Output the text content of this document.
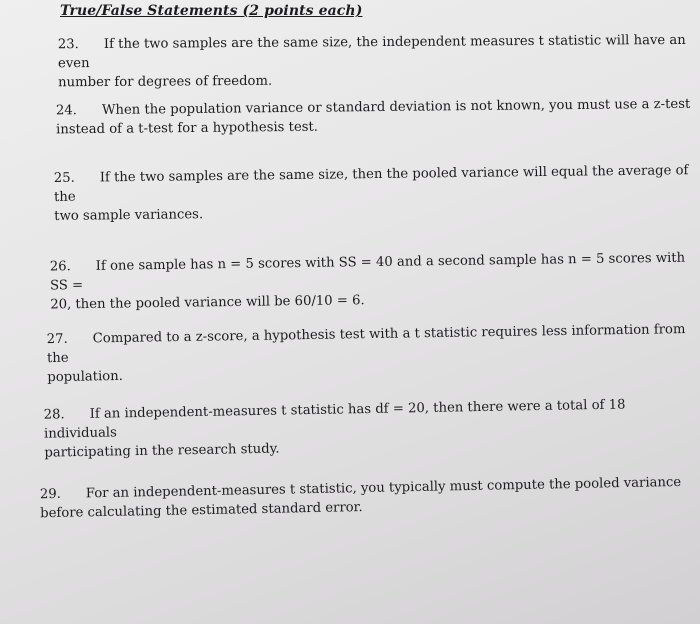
True/False Statements (2 points each)
23. If the two samples are the same size, the independent measures t statistic will have an even
number for degrees of freedom.
24. When the population variance or standard deviation is not known, you must use a z-test
instead of a t-test for a hypothesis test.
25. If the two samples are the same size, then the pooled variance will equal the average of the
two sample variances.
26. If one sample has n = 5 scores with SS = 40 and a second sample has n = 5 scores with SS =
20, then the pooled variance will be 60/10 = 6.
27. Compared to a z-score, a hypothesis test with a t statistic requires less information from the
population.
28. If an independent-measures t statistic has df = 20, then there were a total of 18 individuals
participating in the research study.
29. For an independent-measures t statistic, you typically must compute the pooled variance
before calculating the estimated standard error.
